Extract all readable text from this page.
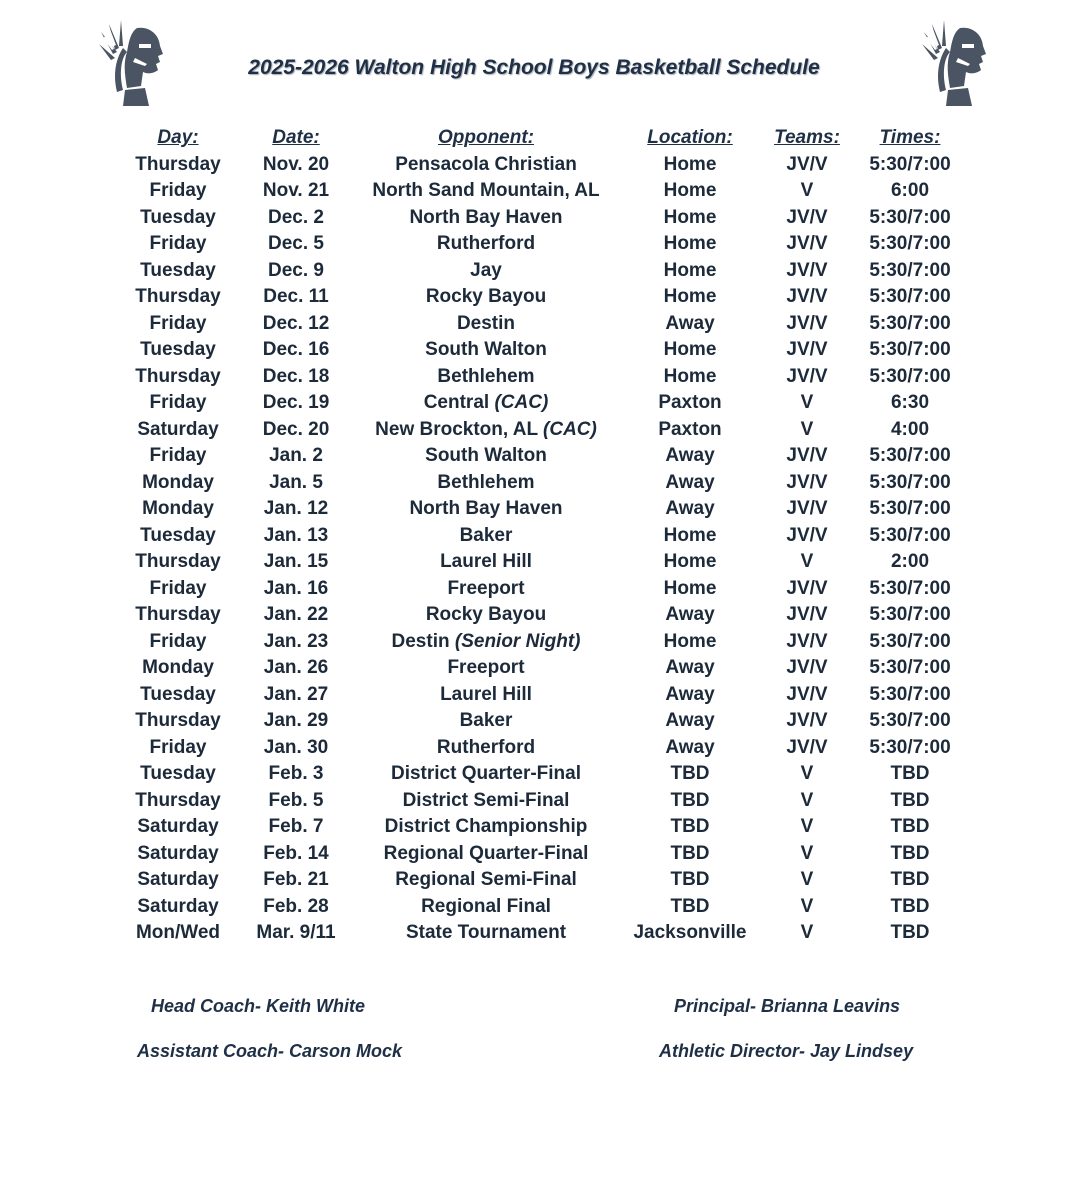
2025-2026 Walton High School Boys Basketball Schedule
Day:	Date:	Opponent:	Location:	Teams:	Times:
Thursday	Nov. 20	Pensacola Christian	Home	JV/V	5:30/7:00
Friday	Nov. 21	North Sand Mountain, AL	Home	V	6:00
Tuesday	Dec. 2	North Bay Haven	Home	JV/V	5:30/7:00
Friday	Dec. 5	Rutherford	Home	JV/V	5:30/7:00
Tuesday	Dec. 9	Jay	Home	JV/V	5:30/7:00
Thursday	Dec. 11	Rocky Bayou	Home	JV/V	5:30/7:00
Friday	Dec. 12	Destin	Away	JV/V	5:30/7:00
Tuesday	Dec. 16	South Walton	Home	JV/V	5:30/7:00
Thursday	Dec. 18	Bethlehem	Home	JV/V	5:30/7:00
Friday	Dec. 19	Central (CAC)	Paxton	V	6:30
Saturday	Dec. 20	New Brockton, AL (CAC)	Paxton	V	4:00
Friday	Jan. 2	South Walton	Away	JV/V	5:30/7:00
Monday	Jan. 5	Bethlehem	Away	JV/V	5:30/7:00
Monday	Jan. 12	North Bay Haven	Away	JV/V	5:30/7:00
Tuesday	Jan. 13	Baker	Home	JV/V	5:30/7:00
Thursday	Jan. 15	Laurel Hill	Home	V	2:00
Friday	Jan. 16	Freeport	Home	JV/V	5:30/7:00
Thursday	Jan. 22	Rocky Bayou	Away	JV/V	5:30/7:00
Friday	Jan. 23	Destin (Senior Night)	Home	JV/V	5:30/7:00
Monday	Jan. 26	Freeport	Away	JV/V	5:30/7:00
Tuesday	Jan. 27	Laurel Hill	Away	JV/V	5:30/7:00
Thursday	Jan. 29	Baker	Away	JV/V	5:30/7:00
Friday	Jan. 30	Rutherford	Away	JV/V	5:30/7:00
Tuesday	Feb. 3	District Quarter-Final	TBD	V	TBD
Thursday	Feb. 5	District Semi-Final	TBD	V	TBD
Saturday	Feb. 7	District Championship	TBD	V	TBD
Saturday	Feb. 14	Regional Quarter-Final	TBD	V	TBD
Saturday	Feb. 21	Regional Semi-Final	TBD	V	TBD
Saturday	Feb. 28	Regional Final	TBD	V	TBD
Mon/Wed	Mar. 9/11	State Tournament	Jacksonville	V	TBD
Head Coach- Keith White	Principal- Brianna Leavins
Assistant Coach- Carson Mock	Athletic Director- Jay Lindsey
